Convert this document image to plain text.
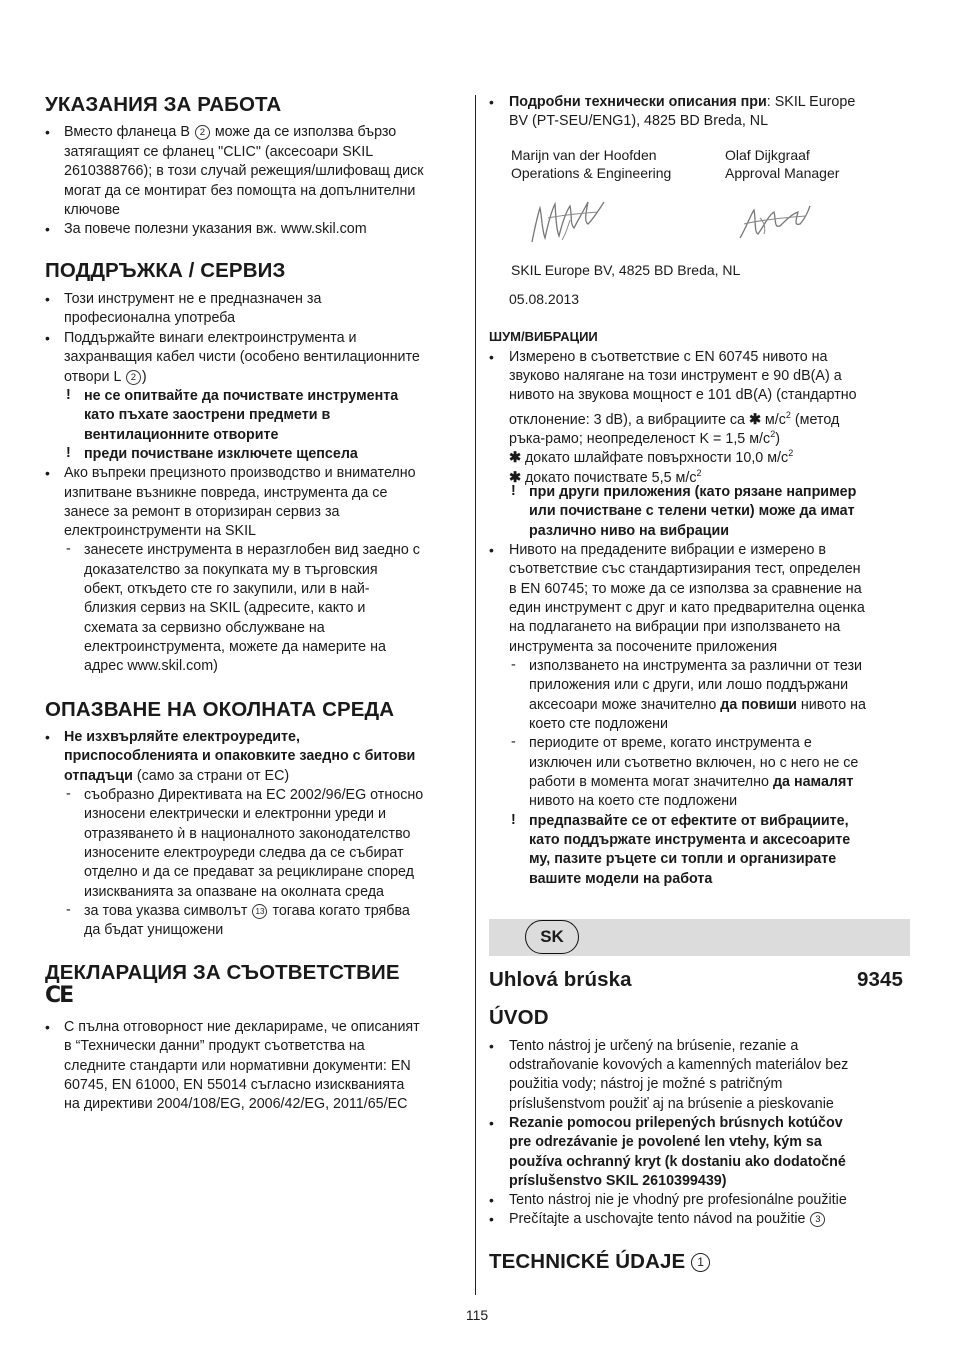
УКАЗАНИЯ ЗА РАБОТА
• Вместо фланеца B 2 може да се използва бързо
затягащият се фланец "CLIC" (аксесоари SKIL
2610388766); в този случай режещия/шлифоващ диск
могат да се монтират без помощта на допълнителни
ключове
• За повече полезни указания вж. www.skil.com
ПОДДРЪЖКА / СЕРВИЗ
• Този инструмент не е предназначен за
професионална употреба
• Поддържайте винаги електроинструмента и
захранващия кабел чисти (особено вентилационните
отвори L 2 )
! не се опитвайте да почиствате инструмента
като пъхате заострени предмети в
вентилационните отворите
! преди почистване изключете щепсела
• Ако въпреки прецизното производство и внимателно
изпитване възникне повреда, инструмента да се
занесе за ремонт в оторизиран сервиз за
електроинструменти на SKIL
- занесете инструмента в неразглобен вид заедно с
доказателство за покупката му в търговския
обект, откъдето сте го закупили, или в най-
близкия сервиз на SKIL (адресите, както и
схемата за сервизно обслужване на
електроинструмента, можете да намерите на
адрес www.skil.com)
ОПАЗВАНЕ НА ОКОЛНАТА СРЕДА
• Не изхвърляйте електроуредите,
приспособленията и опаковките заедно с битови
отпадъци (само за страни от ЕС)
- съобразно Директивата на ЕС 2002/96/EG относно
износени електрически и електронни уреди и
отразяването ѝ в националното законодателство
износените електроуреди следва да се събират
отделно и да се предават за рециклиране според
изискванията за опазване на околната среда
- за това указва символът 13 тогава когато трябва
да бъдат унищожени
ДЕКЛАРАЦИЯ ЗА СЪОТВЕТСТВИЕ
CE
• С пълна отговорност ние декларираме, че описаният
в “Технически данни” продукт съответства на
следните стандарти или нормативни документи: EN
60745, EN 61000, EN 55014 съгласно изискванията
на директиви 2004/108/EG, 2006/42/EG, 2011/65/EC
• Подробни технически описания при: SKIL Europe
BV (PT-SEU/ENG1), 4825 BD Breda, NL
Marijn van der Hoofden
Operations & Engineering
Olaf Dijkgraaf
Approval Manager
SKIL Europe BV, 4825 BD Breda, NL
05.08.2013
ШУМ/ВИБРАЦИИ
• Измерено в съответствие с EN 60745 нивото на
звуково налягане на този инструмент е 90 dB(A) а
нивото на звукова мощност е 101 dB(A) (стандартно
отклонение: 3 dB), а вибрациите са ✱ $м/с^2$ (метод
ръка-рамо; неопределеност K = 1,5 $м/с^2$)
✱ докато шлайфате повърхности 10,0 $м/с^2$
✱ докато почиствате 5,5 $м/с^2$
! при други приложения (като рязане например
или почистване с телени четки) може да имат
различно ниво на вибрации
• Нивото на предадените вибрации е измерено в
съответствие със стандартизирания тест, определен
в EN 60745; то може да се използва за сравнение на
един инструмент с друг и като предварителна оценка
на подлагането на вибрации при използването на
инструмента за посочените приложения
- използването на инструмента за различни от тези
приложения или с други, или лошо поддържани
аксесоари може значително да повиши нивото на
което сте подложени
- периодите от време, когато инструмента е
изключен или съответно включен, но с него не се
работи в момента могат значително да намалят
нивото на което сте подложени
! предпазвайте се от ефектите от вибрациите,
като поддържате инструмента и аксесоарите
му, пазите ръцете си топли и организирате
вашите модели на работа
SK
Uhlová brúska	9345
ÚVOD
• Tento nástroj je určený na brúsenie, rezanie a
odstraňovanie kovových a kamenných materiálov bez
použitia vody; nástroj je možné s patričným
príslušenstvom použiť aj na brúsenie a pieskovanie
• Rezanie pomocou prilepených brúsnych kotúčov
pre odrezávanie je povolené len vtehy, kým sa
používa ochranný kryt (k dostaniu ako dodatočné
príslušenstvo SKIL 2610399439)
• Tento nástroj nie je vhodný pre profesionálne použitie
• Prečítajte a uschovajte tento návod na použitie 3
TECHNICKÉ ÚDAJE 1
115
